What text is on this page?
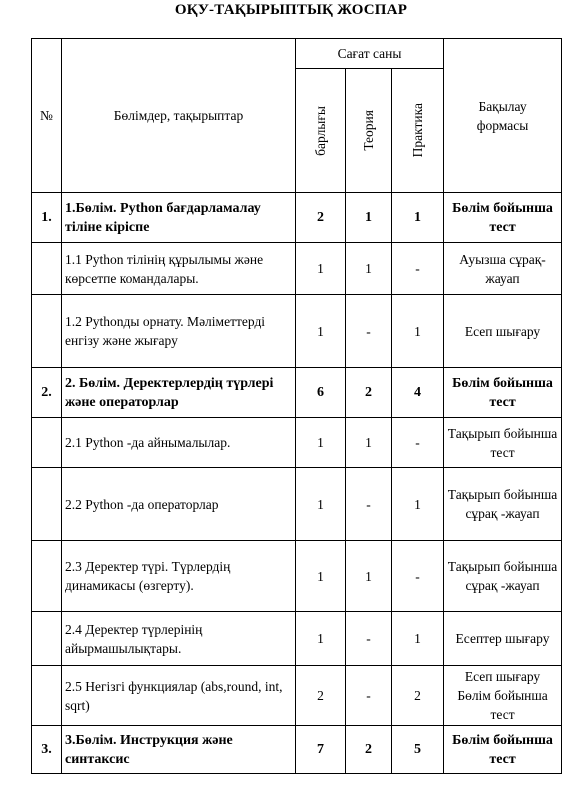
ОҚУ-ТАҚЫРЫПТЫҚ ЖОСПАР
№	Бөлімдер, тақырыптар	Сағат саны			Бақылау формасы

		барлығы	Теория	Практика	

1.	1.Бөлім. Python бағдарламалау тіліне кіріспе	2	1	1	Бөлім бойынша тест
	1.1 Python тілінің құрылымы және көрсетпе командалары.	1	1	-	Ауызша сұрақ-жауап
	1.2 Pythonды орнату. Мәліметтерді енгізу және жығару	1	-	1	Есеп шығару
2.	2. Бөлім. Деректерлердің түрлері және операторлар	6	2	4	Бөлім бойынша тест
	2.1 Python -да айнымалылар.	1	1	-	Тақырып бойынша тест
	2.2 Python -да операторлар	1	-	1	Тақырып бойынша сұрақ -жауап
	2.3 Деректер түрі. Түрлердің динамикасы (өзгерту).	1	1	-	Тақырып бойынша сұрақ -жауап
	2.4 Деректер түрлерінің айырмашылықтары.	1	-	1	Есептер шығару
	2.5 Негізгі функциялар (abs,round, int, sqrt)	2	-	2	Есеп шығару Бөлім бойынша тест
3.	3.Бөлім. Инструкция және синтаксис	7	2	5	Бөлім бойынша тест
